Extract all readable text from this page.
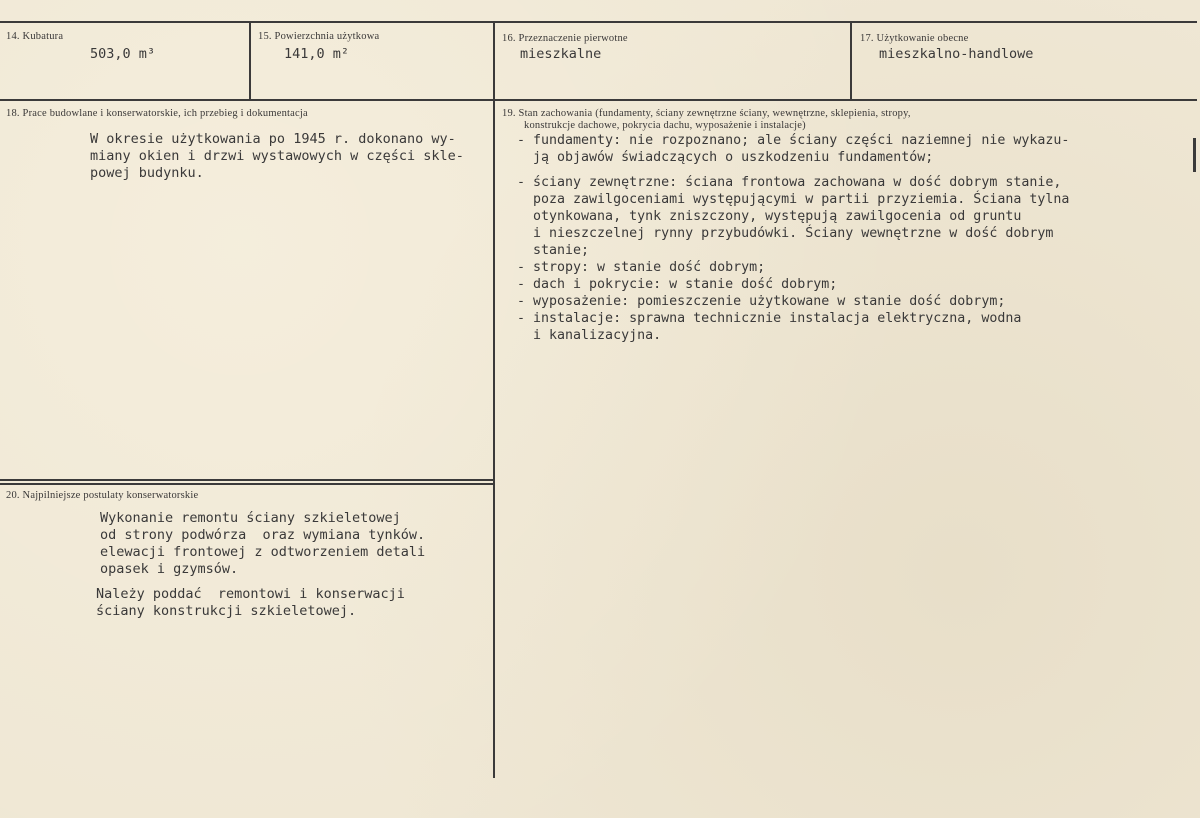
14. Kubatura
503,0 m³
15. Powierzchnia użytkowa
141,0 m²
16. Przeznaczenie pierwotne
mieszkalne
17. Użytkowanie obecne
mieszkalno-handlowe
18. Prace budowlane i konserwatorskie, ich przebieg i dokumentacja
W okresie użytkowania po 1945 r. dokonano wy-
miany okien i drzwi wystawowych w części skle-
powej budynku.
19. Stan zachowania (fundamenty, ściany zewnętrzne ściany, wewnętrzne, sklepienia, stropy,
konstrukcje dachowe, pokrycia dachu, wyposażenie i instalacje)
- fundamenty: nie rozpoznano; ale ściany części naziemnej nie wykazu-
ją objawów świadczących o uszkodzeniu fundamentów;
- ściany zewnętrzne: ściana frontowa zachowana w dość dobrym stanie,
poza zawilgoceniami występującymi w partii przyziemia. Ściana tylna
otynkowana, tynk zniszczony, występują zawilgocenia od gruntu
i nieszczelnej rynny przybudówki. Ściany wewnętrzne w dość dobrym
stanie;
- stropy: w stanie dość dobrym;
- dach i pokrycie: w stanie dość dobrym;
- wyposażenie: pomieszczenie użytkowane w stanie dość dobrym;
- instalacje: sprawna technicznie instalacja elektryczna, wodna
i kanalizacyjna.
20. Najpilniejsze postulaty konserwatorskie
Wykonanie remontu ściany szkieletowej
od strony podwórza  oraz wymiana tynków.
elewacji frontowej z odtworzeniem detali
opasek i gzymsów.
Należy poddać  remontowi i konserwacji
ściany konstrukcji szkieletowej.
